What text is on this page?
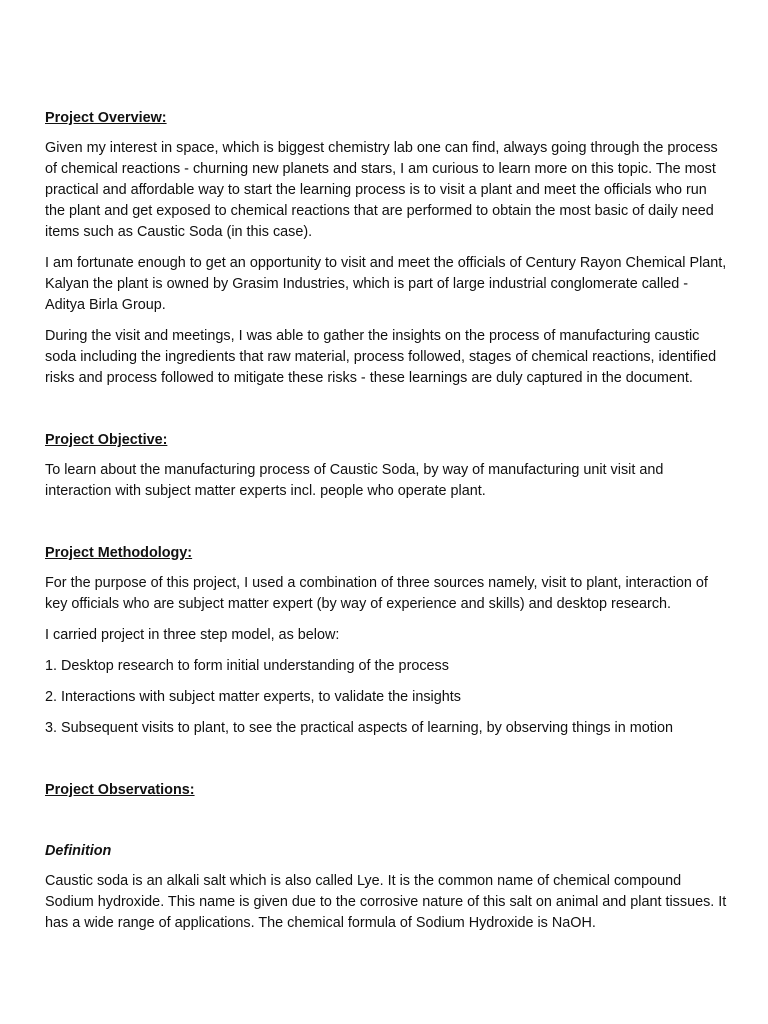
Project Overview:

Given my interest in space, which is biggest chemistry lab one can find, always going through the process of chemical reactions - churning new planets and stars, I am curious to learn more on this topic. The most practical and affordable way to start the learning process is to visit a plant and meet the officials who run the plant and get exposed to chemical reactions that are performed to obtain the most basic of daily need items such as Caustic Soda (in this case).

I am fortunate enough to get an opportunity to visit and meet the officials of Century Rayon Chemical Plant, Kalyan the plant is owned by Grasim Industries, which is part of large industrial conglomerate called - Aditya Birla Group.

During the visit and meetings, I was able to gather the insights on the process of manufacturing caustic soda including the ingredients that raw material, process followed, stages of chemical reactions, identified risks and process followed to mitigate these risks - these learnings are duly captured in the document.

Project Objective:

To learn about the manufacturing process of Caustic Soda, by way of manufacturing unit visit and interaction with subject matter experts incl. people who operate plant.

Project Methodology:

For the purpose of this project, I used a combination of three sources namely, visit to plant, interaction of key officials who are subject matter expert (by way of experience and skills) and desktop research.

I carried project in three step model, as below:

1. Desktop research to form initial understanding of the process

2. Interactions with subject matter experts, to validate the insights

3. Subsequent visits to plant, to see the practical aspects of learning, by observing things in motion

Project Observations:
Definition

Caustic soda is an alkali salt which is also called Lye. It is the common name of chemical compound Sodium hydroxide. This name is given due to the corrosive nature of this salt on animal and plant tissues. It has a wide range of applications. The chemical formula of Sodium Hydroxide is NaOH.
